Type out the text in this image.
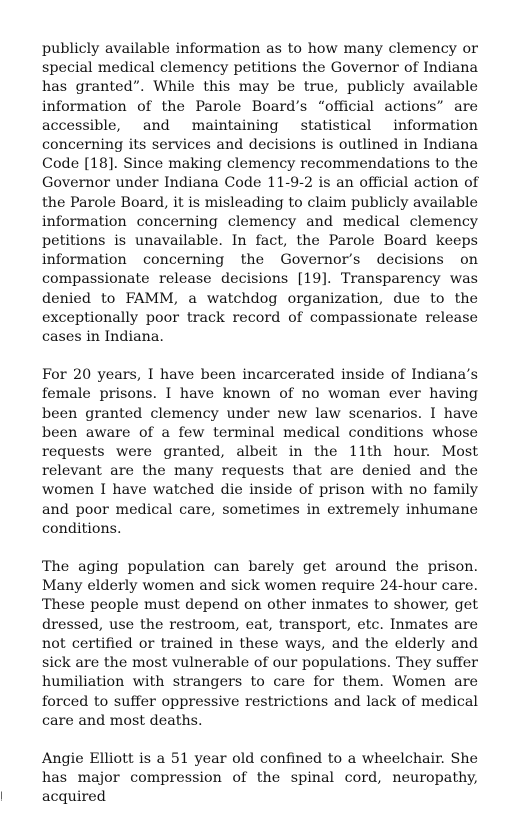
publicly available information as to how many clemency or special medical clemency petitions the Governor of Indiana has granted”. While this may be true, publicly available information of the Parole Board’s “official actions” are accessible, and maintaining statistical information concerning its services and decisions is outlined in Indiana Code [18]. Since making clemency recommendations to the Governor under Indiana Code 11-9-2 is an official action of the Parole Board, it is misleading to claim publicly available information concerning clemency and medical clemency petitions is unavailable. In fact, the Parole Board keeps information concerning the Governor’s decisions on compassionate release decisions [19]. Transparency was denied to FAMM, a watchdog organization, due to the exceptionally poor track record of compassionate release cases in Indiana.

For 20 years, I have been incarcerated inside of Indiana’s female prisons. I have known of no woman ever having been granted clemency under new law scenarios. I have been aware of a few terminal medical conditions whose requests were granted, albeit in the 11th hour. Most relevant are the many requests that are denied and the women I have watched die inside of prison with no family and poor medical care, sometimes in extremely inhumane conditions.

The aging population can barely get around the prison. Many elderly women and sick women require 24-hour care. These people must depend on other inmates to shower, get dressed, use the restroom, eat, transport, etc. Inmates are not certified or trained in these ways, and the elderly and sick are the most vulnerable of our populations. They suffer humiliation with strangers to care for them. Women are forced to suffer oppressive restrictions and lack of medical care and most deaths.

Angie Elliott is a 51 year old confined to a wheelchair. She has major compression of the spinal cord, neuropathy, acquired

ḷ
